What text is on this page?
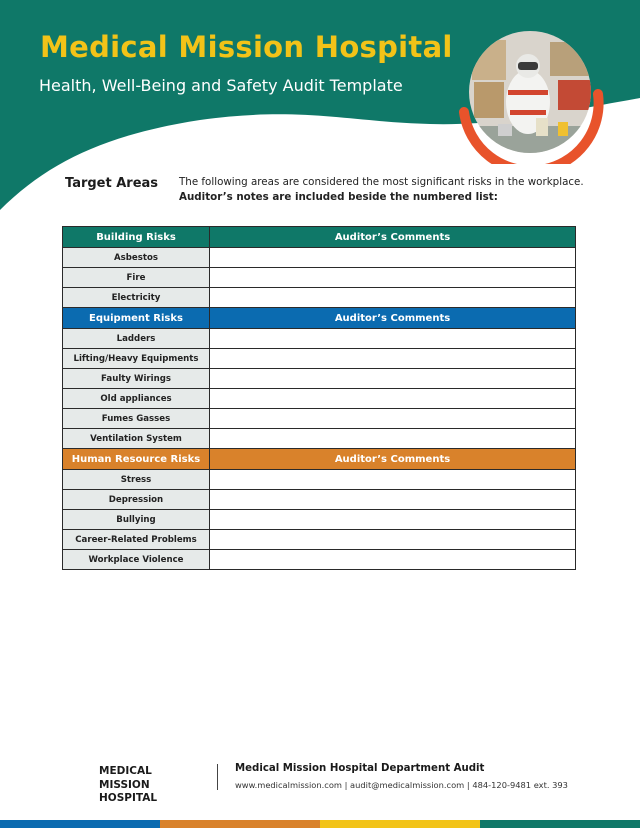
Medical Mission Hospital

Health, Well-Being and Safety Audit Template

Target Areas The following areas are considered the most significant risks in the workplace.
Auditor’s notes are included beside the numbered list:
Building Risks	Auditor’s Comments
Asbestos	
Fire	
Electricity	
Equipment Risks	Auditor’s Comments
Ladders	
Lifting/Heavy Equipments	
Faulty Wirings	
Old appliances	
Fumes Gasses	
Ventilation System	
Human Resource Risks	Auditor’s Comments
Stress	
Depression	
Bullying	
Career-Related Problems	
Workplace Violence	
MEDICAL
MISSION
HOSPITAL
Medical Mission Hospital Department Audit
www.medicalmission.com | audit@medicalmission.com | 484-120-9481 ext. 393
